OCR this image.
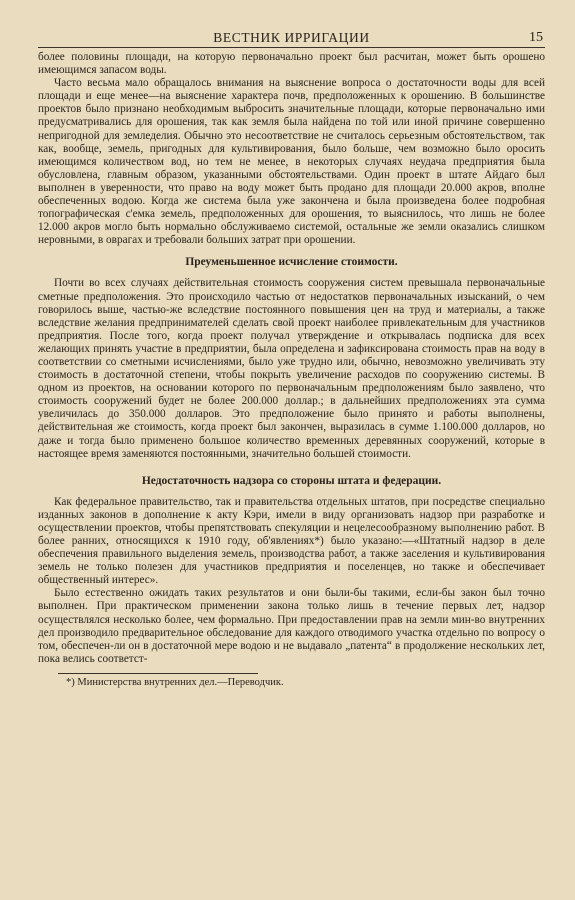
ВЕСТНИК ИРРИГАЦИИ	15

более половины площади, на которую первоначально проект был расчитан, может быть орошено имеющимся запасом воды.

Часто весьма мало обращалось внимания на выяснение вопроса о достаточности воды для всей площади и еще менее—на выяснение характера почв, предположенных к орошению. В большинстве проектов было признано необходимым выбросить значительные площади, которые первоначально ими предусматривались для орошения, так как земля была найдена по той или иной причине совершенно непригодной для земледелия. Обычно это несоответствие не считалось серьезным обстоятельством, так как, вообще, земель, пригодных для культивирования, было больше, чем возможно было оросить имеющимся количеством вод, но тем не менее, в некоторых случаях неудача предприятия была обусловлена, главным образом, указанными обстоятельствами. Один проект в штате Айдаго был выполнен в уверенности, что право на воду может быть продано для площади 20.000 акров, вполне обеспеченных водою. Когда же система была уже закончена и была произведена более подробная топографическая с'емка земель, предположенных для орошения, то выяснилось, что лишь не более 12.000 акров могло быть нормально обслуживаемо системой, остальные же земли оказались слишком неровными, в оврагах и требовали больших затрат при орошении.

Преуменьшенное исчисление стоимости.

Почти во всех случаях действительная стоимость сооружения систем превышала первоначальные сметные предположения. Это происходило частью от недостатков первоначальных изысканий, о чем говорилось выше, частью-же вследствие постоянного повышения цен на труд и материалы, а также вследствие желания предпринимателей сделать свой проект наиболее привлекательным для участников предприятия. После того, когда проект получал утверждение и открывалась подписка для всех желающих принять участие в предприятии, была определена и зафиксирована стоимость прав на воду в соответствии со сметными исчислениями, было уже трудно или, обычно, невозможно увеличивать эту стоимость в достаточной степени, чтобы покрыть увеличение расходов по сооружению системы. В одном из проектов, на основании которого по первоначальным предположениям было заявлено, что стоимость сооружений будет не более 200.000 доллар.; в дальнейших предположениях эта сумма увеличилась до 350.000 долларов. Это предположение было принято и работы выполнены, действительная же стоимость, когда проект был закончен, выразилась в сумме 1.100.000 долларов, но даже и тогда было применено большое количество временных деревянных сооружений, которые в настоящее время заменяются постоянными, значительно большей стоимости.

Недостаточность надзора со стороны штата и федерации.

Как федеральное правительство, так и правительства отдельных штатов, при посредстве специально изданных законов в дополнение к акту Кэри, имели в виду организовать надзор при разработке и осуществлении проектов, чтобы препятствовать спекуляции и нецелесообразному выполнению работ. В более ранних, относящихся к 1910 году, об'явлениях*) было указано:—«Штатный надзор в деле обеспечения правильного выделения земель, производства работ, а также заселения и культивирования земель не только полезен для участников предприятия и поселенцев, но также и обеспечивает общественный интерес».

Было естественно ожидать таких результатов и они были-бы такими, если-бы закон был точно выполнен. При практическом применении закона только лишь в течение первых лет, надзор осуществлялся несколько более, чем формально. При предоставлении прав на земли мин-во внутренних дел производило предварительное обследование для каждого отводимого участка отдельно по вопросу о том, обеспечен-ли он в достаточной мере водою и не выдавало „патента“ в продолжение нескольких лет, пока велись соответст-

*) Министерства внутренних дел.—Переводчик.
